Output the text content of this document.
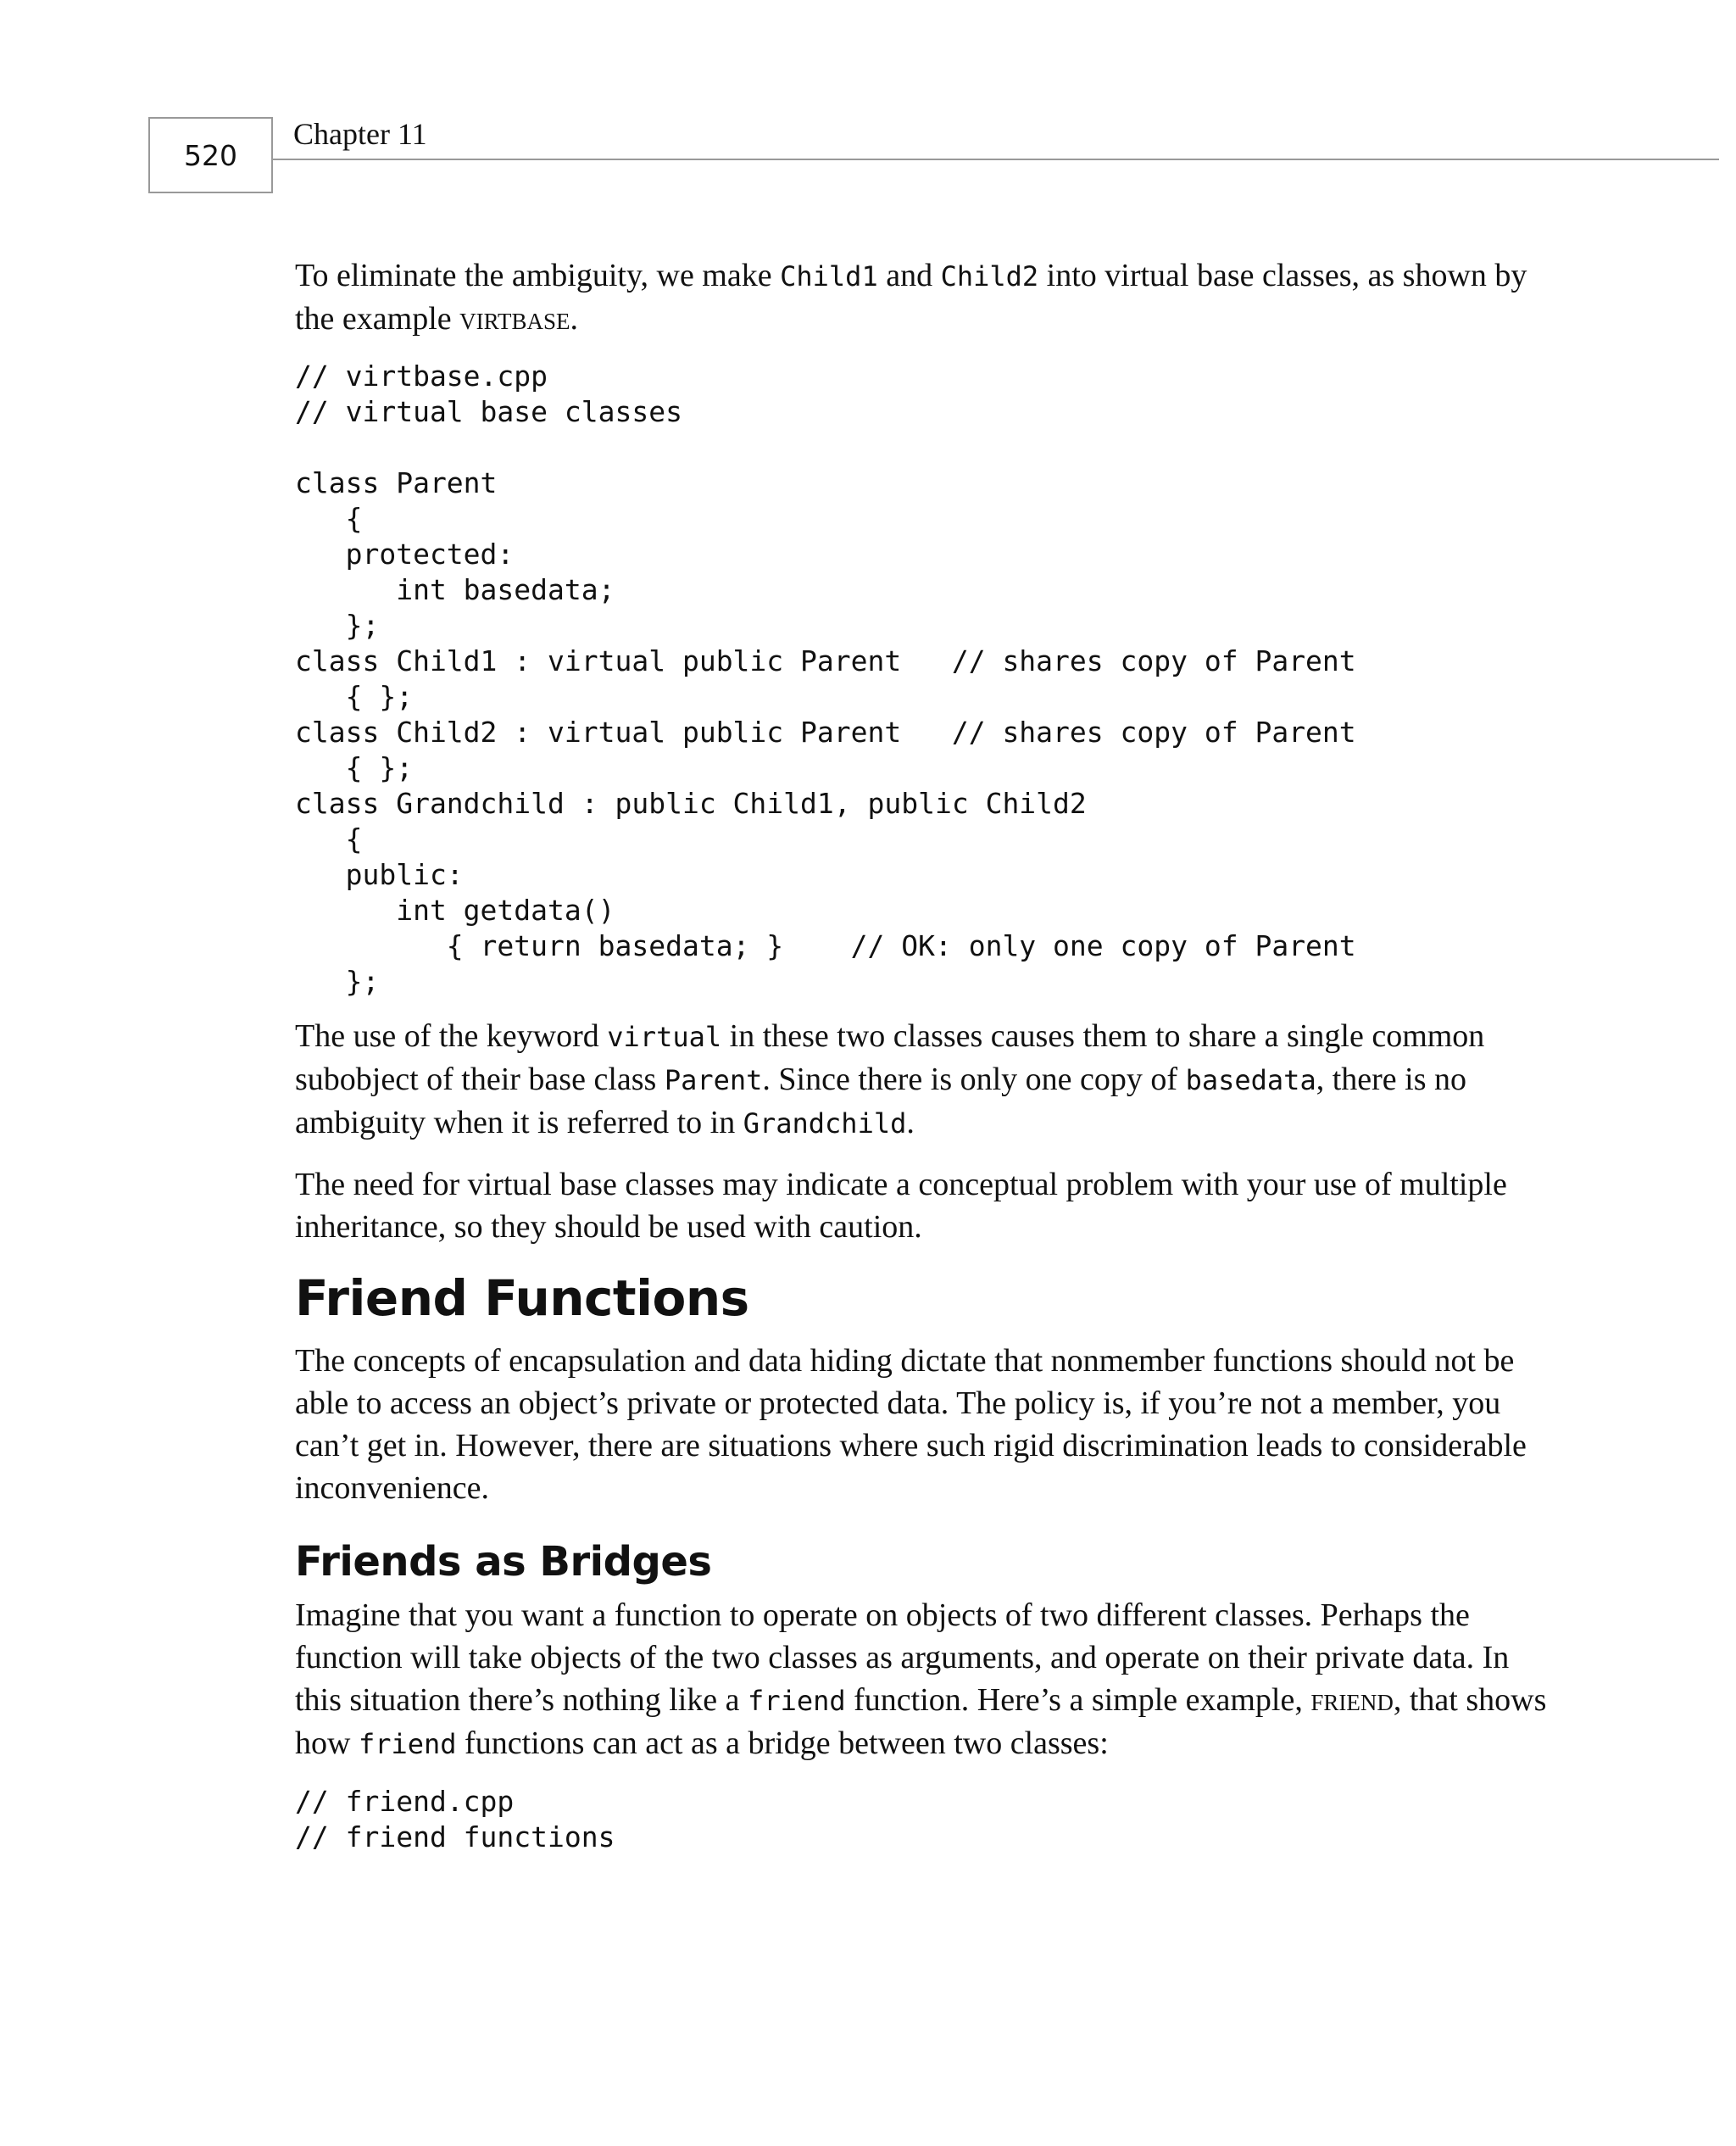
520
Chapter 11

To eliminate the ambiguity, we make Child1 and Child2 into virtual base classes, as shown by the example virtbase.

// virtbase.cpp
// virtual base classes

class Parent
{
protected:
int basedata;
};
class Child1 : virtual public Parent   // shares copy of Parent
{ };
class Child2 : virtual public Parent   // shares copy of Parent
{ };
class Grandchild : public Child1, public Child2
{
public:
int getdata()
{ return basedata; }    // OK: only one copy of Parent
};

The use of the keyword virtual in these two classes causes them to share a single common subobject of their base class Parent. Since there is only one copy of basedata, there is no ambiguity when it is referred to in Grandchild.

The need for virtual base classes may indicate a conceptual problem with your use of multiple inheritance, so they should be used with caution.

Friend Functions

The concepts of encapsulation and data hiding dictate that nonmember functions should not be able to access an object’s private or protected data. The policy is, if you’re not a member, you can’t get in. However, there are situations where such rigid discrimination leads to considerable inconvenience.

Friends as Bridges

Imagine that you want a function to operate on objects of two different classes. Perhaps the function will take objects of the two classes as arguments, and operate on their private data. In this situation there’s nothing like a friend function. Here’s a simple example, friend, that shows how friend functions can act as a bridge between two classes:

// friend.cpp
// friend functions
